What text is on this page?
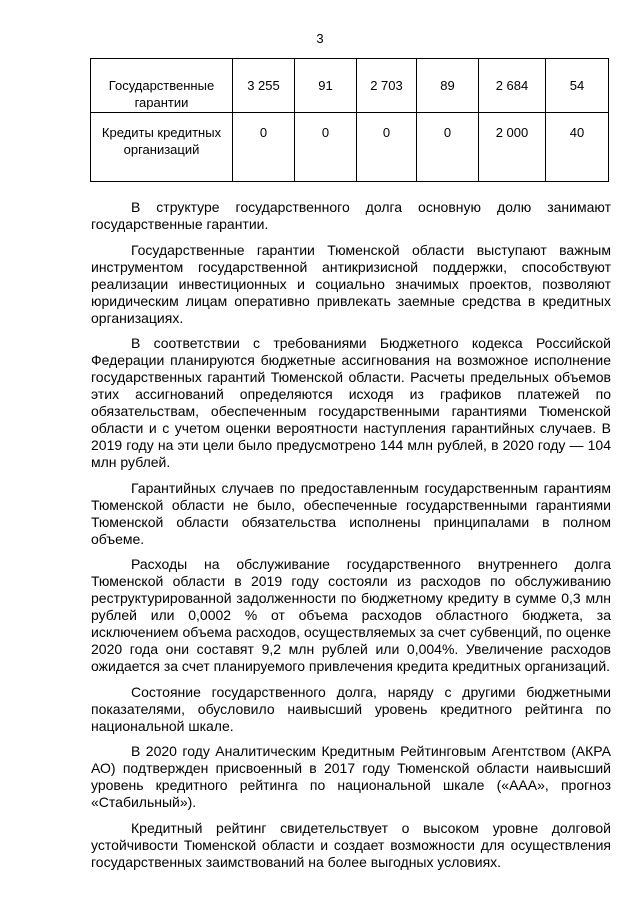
3
Государственные гарантии	3 255	91	2 703	89	2 684	54
Кредиты кредитных организаций	0	0	0	0	2 000	40

В структуре государственного долга основную долю занимают государственные гарантии.

Государственные гарантии Тюменской области выступают важным инструментом государственной антикризисной поддержки, способствуют реализации инвестиционных и социально значимых проектов, позволяют юридическим лицам оперативно привлекать заемные средства в кредитных организациях.

В соответствии с требованиями Бюджетного кодекса Российской Федерации планируются бюджетные ассигнования на возможное исполнение государственных гарантий Тюменской области. Расчеты предельных объемов этих ассигнований определяются исходя из графиков платежей по обязательствам, обеспеченным государственными гарантиями Тюменской области и с учетом оценки вероятности наступления гарантийных случаев. В 2019 году на эти цели было предусмотрено 144 млн рублей, в 2020 году — 104 млн рублей.

Гарантийных случаев по предоставленным государственным гарантиям Тюменской области не было, обеспеченные государственными гарантиями Тюменской области обязательства исполнены принципалами в полном объеме.

Расходы на обслуживание государственного внутреннего долга Тюменской области в 2019 году состояли из расходов по обслуживанию реструктурированной задолженности по бюджетному кредиту в сумме 0,3 млн рублей или 0,0002 % от объема расходов областного бюджета, за исключением объема расходов, осуществляемых за счет субвенций, по оценке 2020 года они составят 9,2 млн рублей или 0,004%. Увеличение расходов ожидается за счет планируемого привлечения кредита кредитных организаций.

Состояние государственного долга, наряду с другими бюджетными показателями, обусловило наивысший уровень кредитного рейтинга по национальной шкале.

В 2020 году Аналитическим Кредитным Рейтинговым Агентством (АКРА АО) подтвержден присвоенный в 2017 году Тюменской области наивысший уровень кредитного рейтинга по национальной шкале («ААА», прогноз «Стабильный»).

Кредитный рейтинг свидетельствует о высоком уровне долговой устойчивости Тюменской области и создает возможности для осуществления государственных заимствований на более выгодных условиях.
